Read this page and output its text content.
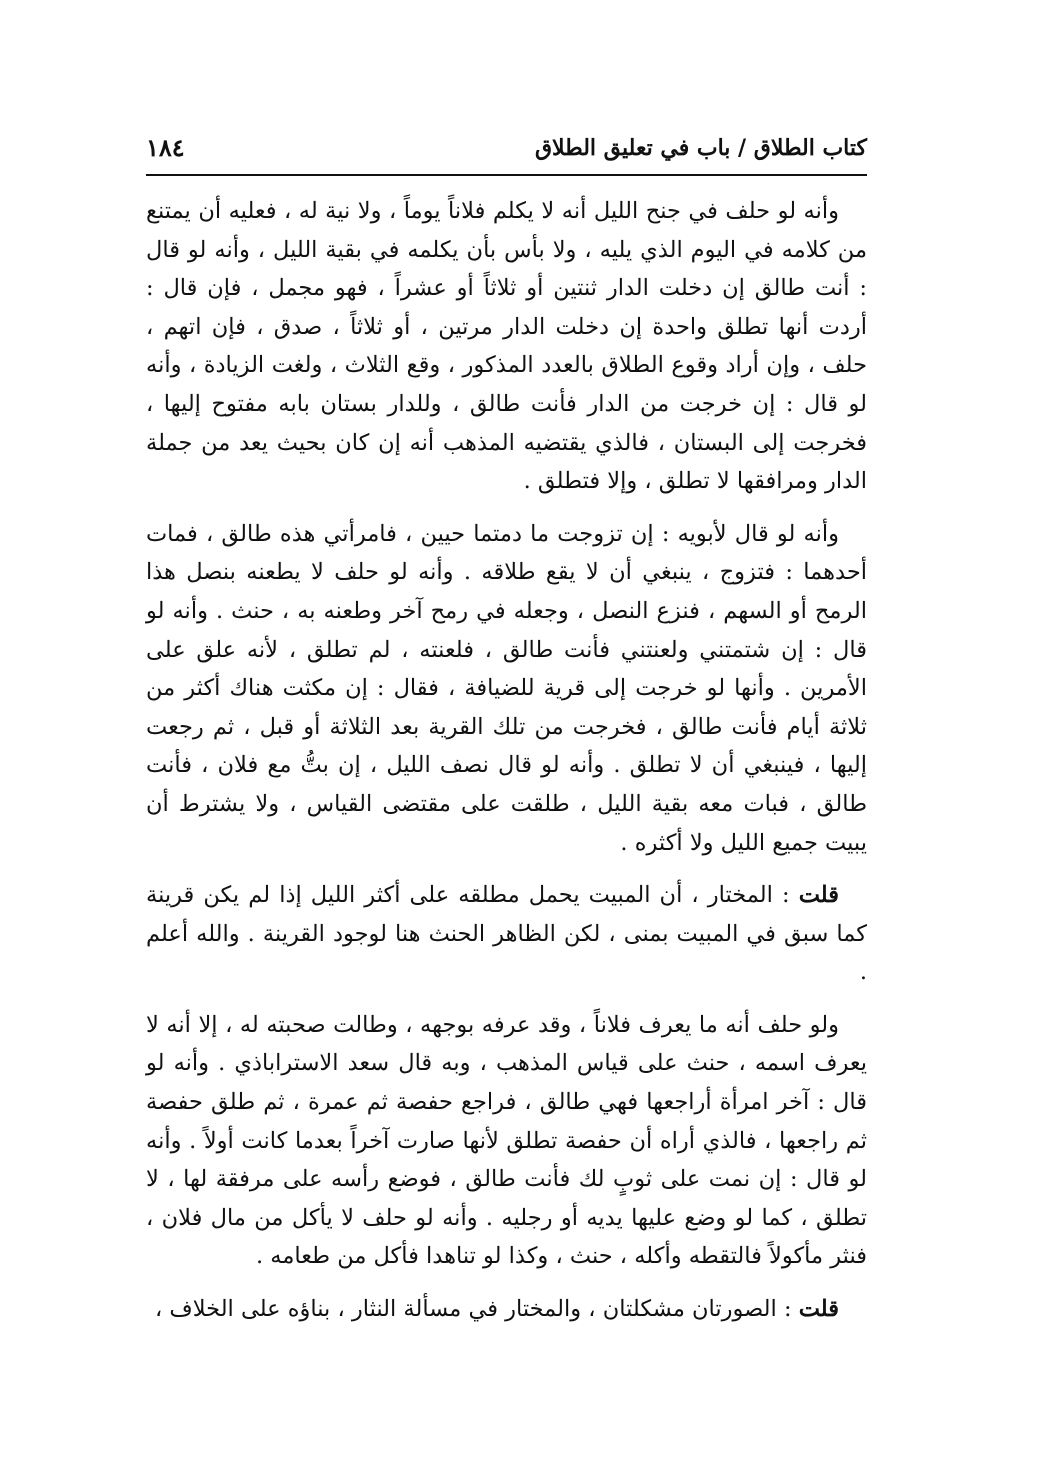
كتاب الطلاق / باب في تعليق الطلاق
١٨٤

وأنه لو حلف في جنح الليل أنه لا يكلم فلاناً يوماً ، ولا نية له ، فعليه أن يمتنع من كلامه في اليوم الذي يليه ، ولا بأس بأن يكلمه في بقية الليل ، وأنه لو قال : أنت طالق إن دخلت الدار ثنتين أو ثلاثاً أو عشراً ، فهو مجمل ، فإن قال : أردت أنها تطلق واحدة إن دخلت الدار مرتين ، أو ثلاثاً ، صدق ، فإن اتهم ، حلف ، وإن أراد وقوع الطلاق بالعدد المذكور ، وقع الثلاث ، ولغت الزيادة ، وأنه لو قال : إن خرجت من الدار فأنت طالق ، وللدار بستان بابه مفتوح إليها ، فخرجت إلى البستان ، فالذي يقتضيه المذهب أنه إن كان بحيث يعد من جملة الدار ومرافقها لا تطلق ، وإلا فتطلق .

وأنه لو قال لأبويه : إن تزوجت ما دمتما حيين ، فامرأتي هذه طالق ، فمات أحدهما : فتزوج ، ينبغي أن لا يقع طلاقه . وأنه لو حلف لا يطعنه بنصل هذا الرمح أو السهم ، فنزع النصل ، وجعله في رمح آخر وطعنه به ، حنث . وأنه لو قال : إن شتمتني ولعنتني فأنت طالق ، فلعنته ، لم تطلق ، لأنه علق على الأمرين . وأنها لو خرجت إلى قرية للضيافة ، فقال : إن مكثت هناك أكثر من ثلاثة أيام فأنت طالق ، فخرجت من تلك القرية بعد الثلاثة أو قبل ، ثم رجعت إليها ، فينبغي أن لا تطلق . وأنه لو قال نصف الليل ، إن بتُّ مع فلان ، فأنت طالق ، فبات معه بقية الليل ، طلقت على مقتضى القياس ، ولا يشترط أن يبيت جميع الليل ولا أكثره .

قلت : المختار ، أن المبيت يحمل مطلقه على أكثر الليل إذا لم يكن قرينة كما سبق في المبيت بمنى ، لكن الظاهر الحنث هنا لوجود القرينة . والله أعلم .

ولو حلف أنه ما يعرف فلاناً ، وقد عرفه بوجهه ، وطالت صحبته له ، إلا أنه لا يعرف اسمه ، حنث على قياس المذهب ، وبه قال سعد الاستراباذي . وأنه لو قال : آخر امرأة أراجعها فهي طالق ، فراجع حفصة ثم عمرة ، ثم طلق حفصة ثم راجعها ، فالذي أراه أن حفصة تطلق لأنها صارت آخراً بعدما كانت أولاً . وأنه لو قال : إن نمت على ثوبٍ لك فأنت طالق ، فوضع رأسه على مرفقة لها ، لا تطلق ، كما لو وضع عليها يديه أو رجليه . وأنه لو حلف لا يأكل من مال فلان ، فنثر مأكولاً فالتقطه وأكله ، حنث ، وكذا لو تناهدا فأكل من طعامه .

قلت : الصورتان مشكلتان ، والمختار في مسألة النثار ، بناؤه على الخلاف ،
